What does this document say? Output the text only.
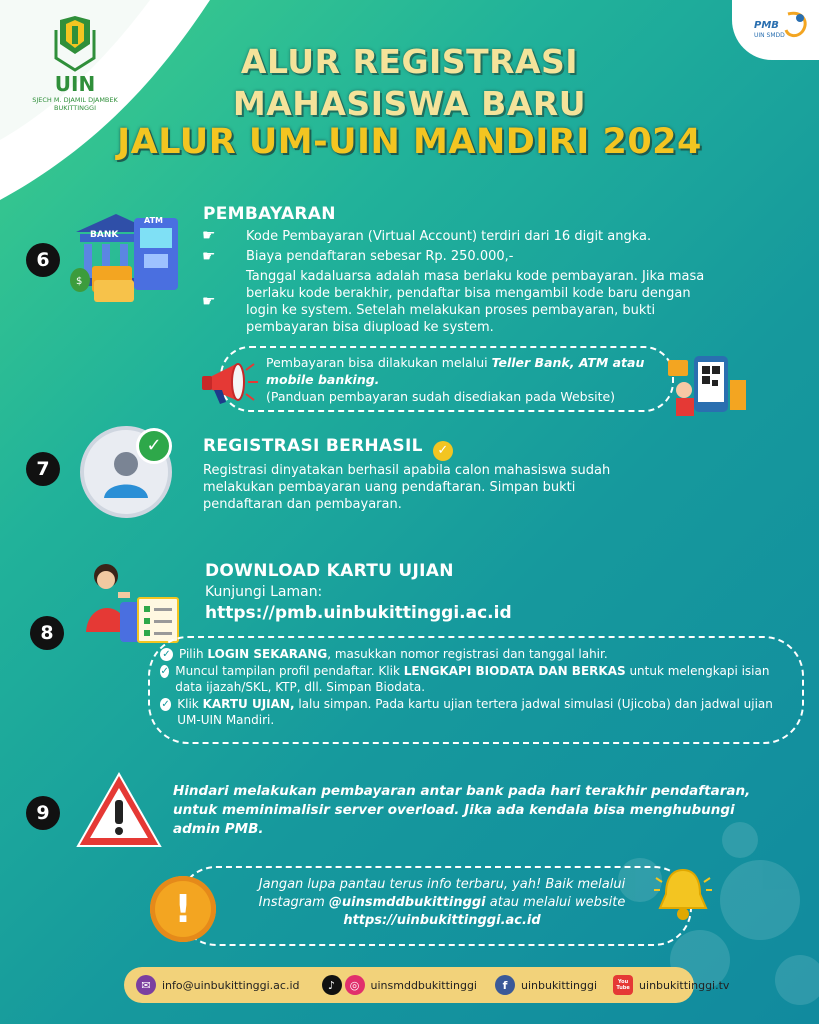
UIN
SJECH M. DJAMIL DJAMBEK BUKITTINGGI
PMB
UIN SMDD
ALUR REGISTRASI
MAHASISWA BARU
JALUR UM-UIN MANDIRI 2024
6
$
BANK
ATM PEMBAYARAN
☛ Kode Pembayaran (Virtual Account) terdiri dari 16 digit angka.
☛ Biaya pendaftaran sebesar Rp. 250.000,-
☛
Tanggal kadaluarsa adalah masa berlaku kode pembayaran. Jika masa berlaku kode berakhir, pendaftar bisa mengambil kode baru dengan login ke system. Setelah melakukan proses pembayaran, bukti pembayaran bisa diupload ke system.
Pembayaran bisa dilakukan melalui Teller Bank, ATM atau mobile banking.
(Panduan pembayaran sudah disediakan pada Website)
7
✓	REGISTRASI BERHASIL ✓
Registrasi dinyatakan berhasil apabila calon mahasiswa sudah melakukan pembayaran uang pendaftaran. Simpan bukti pendaftaran dan pembayaran.
8
DOWNLOAD KARTU UJIAN
Kunjungi Laman:
https://pmb.uinbukittinggi.ac.id
✓ Pilih LOGIN SEKARANG, masukkan nomor registrasi dan tanggal lahir.
✓ Muncul tampilan profil pendaftar. Klik LENGKAPI BIODATA DAN BERKAS untuk melengkapi isian data ijazah/SKL, KTP, dll. Simpan Biodata.
✓ Klik KARTU UJIAN, lalu simpan. Pada kartu ujian tertera jadwal simulasi (Ujicoba) dan jadwal ujian UM-UIN Mandiri.
9
Hindari melakukan pembayaran antar bank pada hari terakhir pendaftaran, untuk meminimalisir server overload. Jika ada kendala bisa menghubungi admin PMB.
!
Jangan lupa pantau terus info terbaru, yah! Baik melalui
Instagram @uinsmddbukittinggi atau melalui website
https://uinbukittinggi.ac.id
✉	info@uinbukittinggi.ac.id	♪	◎	uinsmddbukittinggi	f	uinbukittinggi	You Tube uinbukittinggi.tv
